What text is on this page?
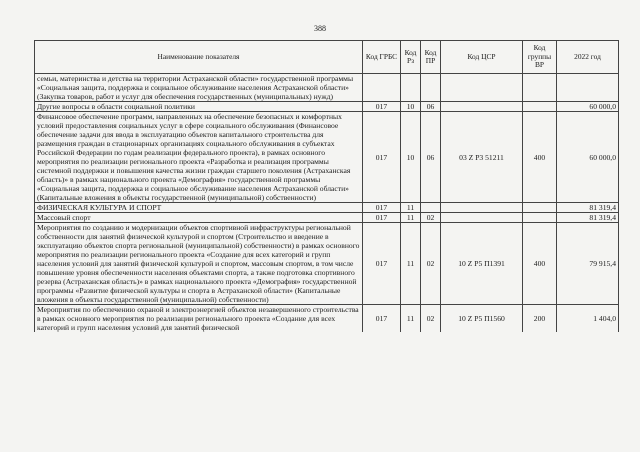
388
Наименование показателя	Код ГРБС	Код Рз	Код ПР	Код ЦСР	Код группы ВР	2022 год
семьи, материнства и детства на территории Астраханской области» государственной программы «Социальная защита, поддержка и социальное обслуживание населения Астраханской области» (Закупка товаров, работ и услуг для обеспечения государственных (муниципальных) нужд)						
Другие вопросы в области социальной политики	017	10	06			60 000,0
Финансовое обеспечение программ, направленных на обеспечение безопасных и комфортных условий предоставления социальных услуг в сфере социального обслуживания (Финансовое обеспечение задачи для ввода в эксплуатацию объектов капитального строительства для размещения граждан в стационарных организациях социального обслуживания в субъектах Российской Федерации по годам реализации федерального проекта), в рамках основного мероприятия по реализации регионального проекта «Разработка и реализация программы системной поддержки и повышения качества жизни граждан старшего поколения (Астраханская область)» в рамках национального проекта «Демография» государственной программы «Социальная защита, поддержка и социальное обслуживание населения Астраханской области» (Капитальные вложения в объекты государственной (муниципальной) собственности)	017	10	06	03 Z P3 51211	400	60 000,0
ФИЗИЧЕСКАЯ КУЛЬТУРА И СПОРТ	017	11				81 319,4
Массовый спорт	017	11	02			81 319,4
Мероприятия по созданию и модернизации объектов спортивной инфраструктуры региональной собственности для занятий физической культурой и спортом (Строительство и введение в эксплуатацию объектов спорта региональной (муниципальной) собственности) в рамках основного мероприятия по реализации регионального проекта «Создание для всех категорий и групп населения условий для занятий физической культурой и спортом, массовым спортом, в том числе повышение уровня обеспеченности населения объектами спорта, а также подготовка спортивного резерва (Астраханская область)» в рамках национального проекта «Демография» государственной программы «Развитие физической культуры и спорта в Астраханской области» (Капитальные вложения в объекты государственной (муниципальной) собственности)	017	11	02	10 Z P5 П1391	400	79 915,4
Мероприятия по обеспечению охраной и электроэнергией объектов незавершенного строительства в рамках основного мероприятия по реализации регионального проекта «Создание для всех категорий и групп населения условий для занятий физической	017	11	02	10 Z P5 П1560	200	1 404,0
